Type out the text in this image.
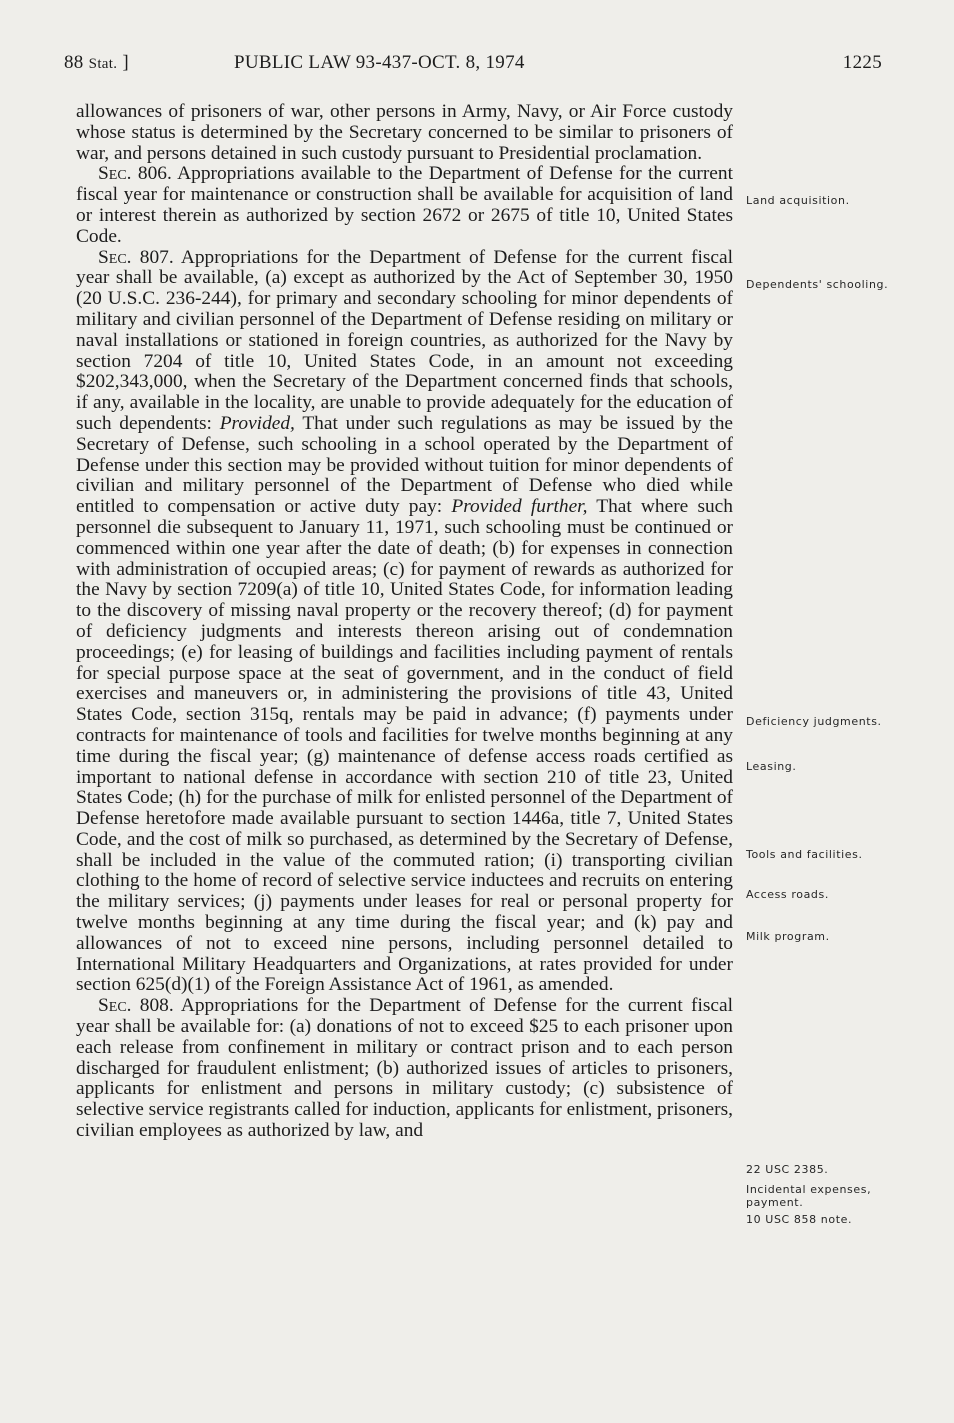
88 Stat. ]	PUBLIC LAW 93-437-OCT. 8, 1974	1225

allowances of prisoners of war, other persons in Army, Navy, or Air Force custody whose status is determined by the Secretary concerned to be similar to prisoners of war, and persons detained in such custody pursuant to Presidential proclamation.

Sec. 806. Appropriations available to the Department of Defense for the current fiscal year for maintenance or construction shall be available for acquisition of land or interest therein as authorized by section 2672 or 2675 of title 10, United States Code.

Sec. 807. Appropriations for the Department of Defense for the current fiscal year shall be available, (a) except as authorized by the Act of September 30, 1950 (20 U.S.C. 236-244), for primary and secondary schooling for minor dependents of military and civilian personnel of the Department of Defense residing on military or naval installations or stationed in foreign countries, as authorized for the Navy by section 7204 of title 10, United States Code, in an amount not exceeding $202,343,000, when the Secretary of the Department concerned finds that schools, if any, available in the locality, are unable to provide adequately for the education of such dependents: Provided, That under such regulations as may be issued by the Secretary of Defense, such schooling in a school operated by the Department of Defense under this section may be provided without tuition for minor dependents of civilian and military personnel of the Department of Defense who died while entitled to compensation or active duty pay: Provided further, That where such personnel die subsequent to January 11, 1971, such schooling must be continued or commenced within one year after the date of death; (b) for expenses in connection with administration of occupied areas; (c) for payment of rewards as authorized for the Navy by section 7209(a) of title 10, United States Code, for information leading to the discovery of missing naval property or the recovery thereof; (d) for payment of deficiency judgments and interests thereon arising out of condemnation proceedings; (e) for leasing of buildings and facilities including payment of rentals for special purpose space at the seat of government, and in the conduct of field exercises and maneuvers or, in administering the provisions of title 43, United States Code, section 315q, rentals may be paid in advance; (f) payments under contracts for maintenance of tools and facilities for twelve months beginning at any time during the fiscal year; (g) maintenance of defense access roads certified as important to national defense in accordance with section 210 of title 23, United States Code; (h) for the purchase of milk for enlisted personnel of the Department of Defense heretofore made available pursuant to section 1446a, title 7, United States Code, and the cost of milk so purchased, as determined by the Secretary of Defense, shall be included in the value of the commuted ration; (i) transporting civilian clothing to the home of record of selective service inductees and recruits on entering the military services; (j) payments under leases for real or personal property for twelve months beginning at any time during the fiscal year; and (k) pay and allowances of not to exceed nine persons, including personnel detailed to International Military Headquarters and Organizations, at rates provided for under section 625(d)(1) of the Foreign Assistance Act of 1961, as amended.

Sec. 808. Appropriations for the Department of Defense for the current fiscal year shall be available for: (a) donations of not to exceed $25 to each prisoner upon each release from confinement in military or contract prison and to each person discharged for fraudulent enlistment; (b) authorized issues of articles to prisoners, applicants for enlistment and persons in military custody; (c) subsistence of selective service registrants called for induction, applicants for enlistment, prisoners, civilian employees as authorized by law, and

Land acquisition.
Dependents' schooling.
Deficiency judgments.
Leasing.
Tools and facilities.
Access roads.
Milk program.
22 USC 2385.
Incidental expenses, payment.
10 USC 858 note.
